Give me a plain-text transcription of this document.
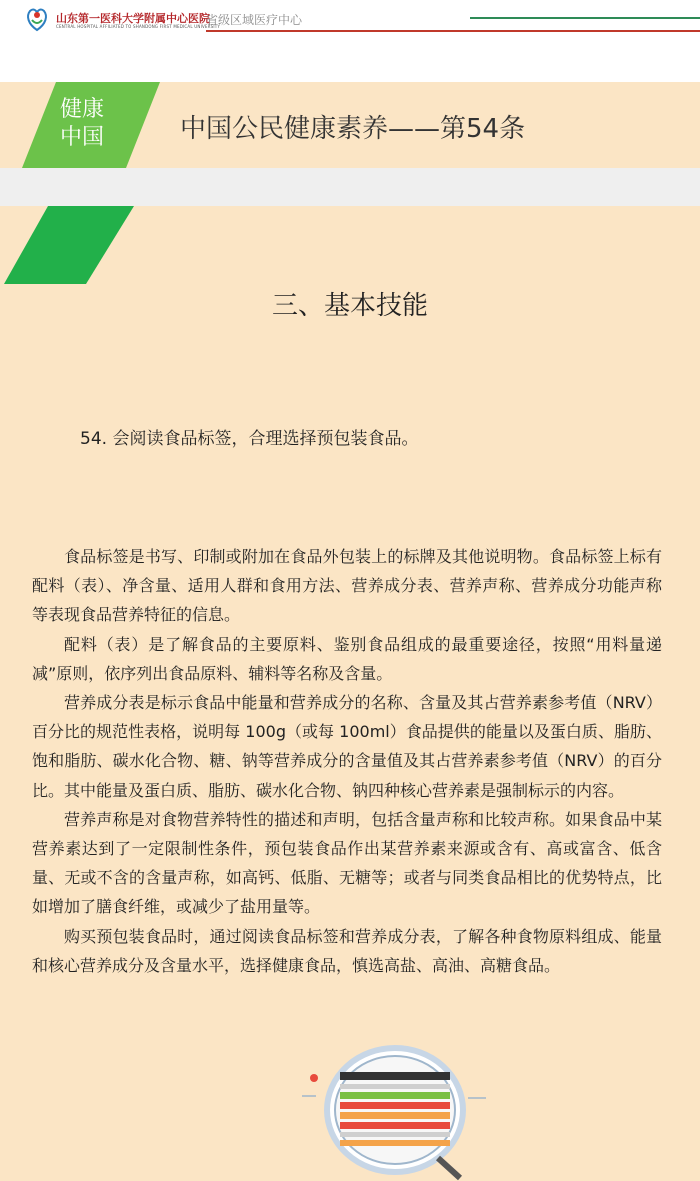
山东第一医科大学附属中心医院
CENTRAL HOSPITAL AFFILIATED TO SHANDONG FIRST MEDICAL UNIVERSITY
省级区域医疗中心
健康
中国	中国公民健康素养——第54条
三、基本技能
54. 会阅读食品标签，合理选择预包装食品。

食品标签是书写、印制或附加在食品外包装上的标牌及其他说明物。食品标签上标有配料（表）、净含量、适用人群和食用方法、营养成分表、营养声称、营养成分功能声称等表现食品营养特征的信息。

配料（表）是了解食品的主要原料、鉴别食品组成的最重要途径，按照“用料量递减”原则，依序列出食品原料、辅料等名称及含量。

营养成分表是标示食品中能量和营养成分的名称、含量及其占营养素参考值（NRV）百分比的规范性表格，说明每 100g（或每 100ml）食品提供的能量以及蛋白质、脂肪、饱和脂肪、碳水化合物、糖、钠等营养成分的含量值及其占营养素参考值（NRV）的百分比。其中能量及蛋白质、脂肪、碳水化合物、钠四种核心营养素是强制标示的内容。

营养声称是对食物营养特性的描述和声明，包括含量声称和比较声称。如果食品中某营养素达到了一定限制性条件，预包装食品作出某营养素来源或含有、高或富含、低含量、无或不含的含量声称，如高钙、低脂、无糖等；或者与同类食品相比的优势特点，比如增加了膳食纤维，或减少了盐用量等。

购买预包装食品时，通过阅读食品标签和营养成分表，了解各种食物原料组成、能量和核心营养成分及含量水平，选择健康食品，慎选高盐、高油、高糖食品。
